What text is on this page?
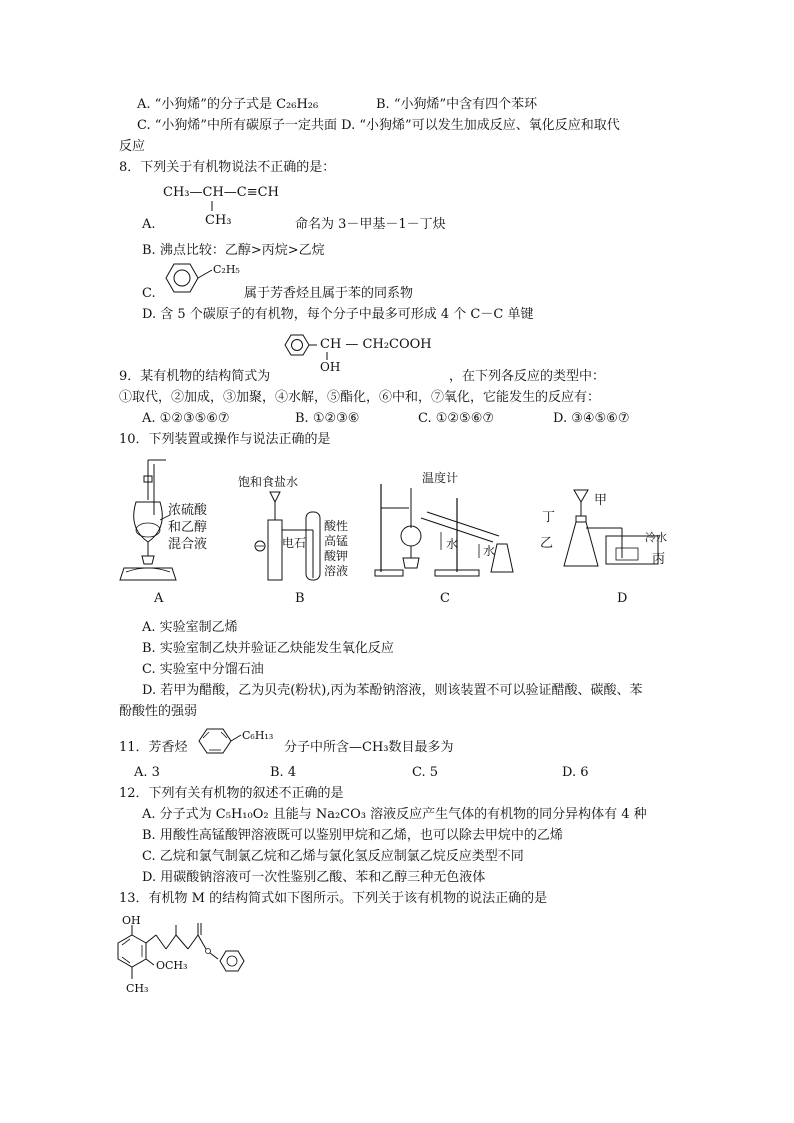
A. “小狗烯”的分子式是 C₂₆H₂₆	B. “小狗烯”中含有四个苯环
C. “小狗烯”中所有碳原子一定共面 D. “小狗烯”可以发生加成反应、氧化反应和取代
反应
8．下列关于有机物说法不正确的是：
CH₃—CH—C≡CH
CH₃
A.	命名为 3－甲基－1－丁炔
B. 沸点比较：乙醇>丙烷>乙烷
C₂H₅
C.	属于芳香烃且属于苯的同系物
D. 含 5 个碳原子的有机物，每个分子中最多可形成 4 个 C－C 单键
CH — CH₂COOH
OH
9．某有机物的结构简式为	，在下列各反应的类型中：
①取代，②加成，③加聚，④水解，⑤酯化，⑥中和，⑦氧化，它能发生的反应有：
A. ①②③⑤⑥⑦	B. ①②③⑥	C. ①②⑤⑥⑦	D. ③④⑤⑥⑦
10．下列装置或操作与说法正确的是
浓硫酸
和乙醇
混合液
饱和食盐水
电石
酸性
高锰
酸钾
溶液
温度计
水 水
甲
丁
乙	冷水
丙
A	B	C	D
A. 实验室制乙烯
B. 实验室制乙炔并验证乙炔能发生氧化反应
C. 实验室中分馏石油
D. 若甲为醋酸，乙为贝壳(粉状),丙为苯酚钠溶液，则该装置不可以验证醋酸、碳酸、苯
酚酸性的强弱
11．芳香烃
C₆H₁₃
分子中所含—CH₃数目最多为
A. 3	B. 4	C. 5	D. 6
12．下列有关有机物的叙述不正确的是
A. 分子式为 C₅H₁₀O₂ 且能与 Na₂CO₃ 溶液反应产生气体的有机物的同分异构体有 4 种
B. 用酸性高锰酸钾溶液既可以鉴别甲烷和乙烯，也可以除去甲烷中的乙烯
C. 乙烷和氯气制氯乙烷和乙烯与氯化氢反应制氯乙烷反应类型不同
D. 用碳酸钠溶液可一次性鉴别乙酸、苯和乙醇三种无色液体
13．有机物 M 的结构简式如下图所示。下列关于该有机物的说法正确的是
OH
OCH₃
CH₃
